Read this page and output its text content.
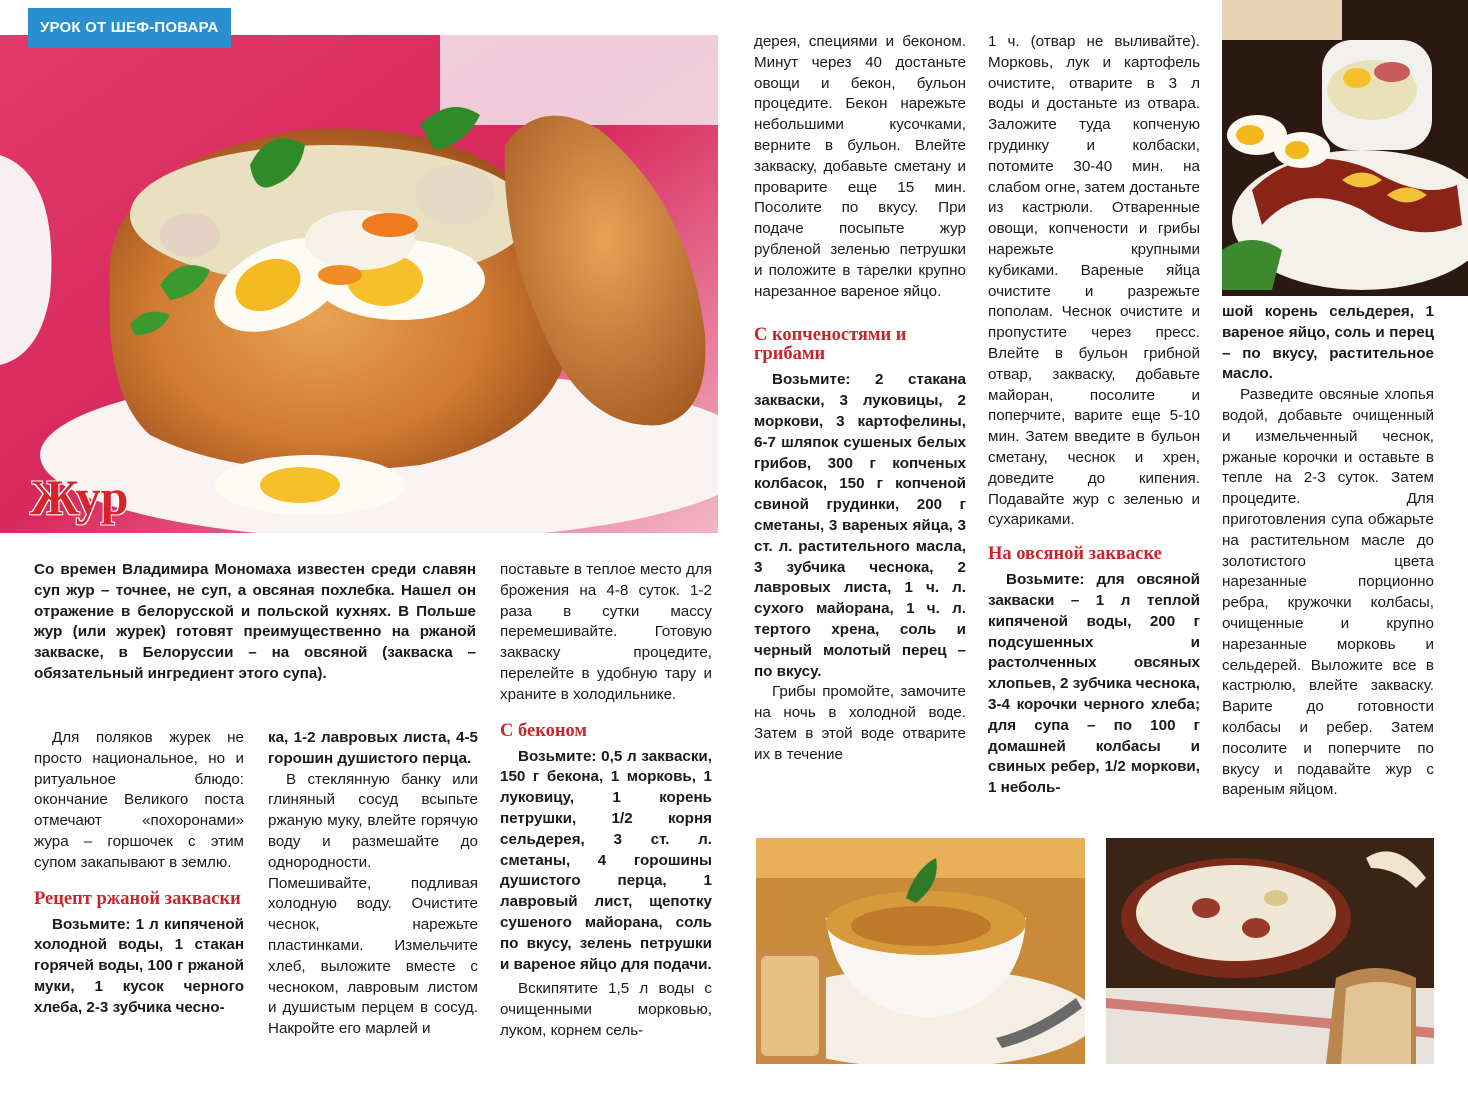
УРОК ОТ ШЕФ-ПОВАРА
Жур

Со времен Владимира Мономаха известен среди славян суп жур – точнее, не суп, а овсяная похлебка. Нашел он отражение в белорусской и польской кухнях. В Польше жур (или журек) готовят преимущественно на ржаной закваске, в Белоруссии – на овсяной (закваска – обязательный ингредиент этого супа).

Для поляков журек не просто национальное, но и ритуальное блюдо: окончание Великого поста отмечают «похоронами» жура – горшочек с этим супом закапывают в землю.

Рецепт ржаной закваски

Возьмите: 1 л кипяченой холодной воды, 1 стакан горячей воды, 100 г ржаной муки, 1 кусок черного хлеба, 2-3 зубчика чесно-

ка, 1-2 лавровых листа, 4-5 горошин душистого перца.

В стеклянную банку или глиняный сосуд всыпьте ржаную муку, влейте горячую воду и размешайте до однородности. Помешивайте, подливая холодную воду. Очистите чеснок, нарежьте пластинками. Измельчите хлеб, выложите вместе с чесноком, лавровым листом и душистым перцем в сосуд. Накройте его марлей и

поставьте в теплое место для брожения на 4-8 суток. 1-2 раза в сутки массу перемешивайте. Готовую закваску процедите, перелейте в удобную тару и храните в холодильнике.

С беконом

Возьмите: 0,5 л закваски, 150 г бекона, 1 морковь, 1 луковицу, 1 корень петрушки, 1/2 корня сельдерея, 3 ст. л. сметаны, 4 горошины душистого перца, 1 лавровый лист, щепотку сушеного майорана, соль по вкусу, зелень петрушки и вареное яйцо для подачи.

Вскипятите 1,5 л воды с очищенными морковью, луком, корнем сель-

дерея, специями и беконом. Минут через 40 достаньте овощи и бекон, бульон процедите. Бекон нарежьте небольшими кусочками, верните в бульон. Влейте закваску, добавьте сметану и проварите еще 15 мин. Посолите по вкусу. При подаче посыпьте жур рубленой зеленью петрушки и положите в тарелки крупно нарезанное вареное яйцо.

С копченостями и грибами

Возьмите: 2 стакана закваски, 3 луковицы, 2 моркови, 3 картофелины, 6-7 шляпок сушеных белых грибов, 300 г копченых колбасок, 150 г копченой свиной грудинки, 200 г сметаны, 3 вареных яйца, 3 ст. л. растительного масла, 3 зубчика чеснока, 2 лавровых листа, 1 ч. л. сухого майорана, 1 ч. л. тертого хрена, соль и черный молотый перец – по вкусу.

Грибы промойте, замочите на ночь в холодной воде. Затем в этой воде отварите их в течение

1 ч. (отвар не выливайте). Морковь, лук и картофель очистите, отварите в 3 л воды и достаньте из отвара. Заложите туда копченую грудинку и колбаски, потомите 30-40 мин. на слабом огне, затем достаньте из кастрюли. Отваренные овощи, копчености и грибы нарежьте крупными кубиками. Вареные яйца очистите и разрежьте пополам. Чеснок очистите и пропустите через пресс. Влейте в бульон грибной отвар, закваску, добавьте майоран, посолите и поперчите, варите еще 5-10 мин. Затем введите в бульон сметану, чеснок и хрен, доведите до кипения. Подавайте жур с зеленью и сухариками.

На овсяной закваске

Возьмите: для овсяной закваски – 1 л теплой кипяченой воды, 200 г подсушенных и растолченных овсяных хлопьев, 2 зубчика чеснока, 3-4 корочки черного хлеба; для супа – по 100 г домашней колбасы и свиных ребер, 1/2 моркови, 1 неболь-

шой корень сельдерея, 1 вареное яйцо, соль и перец – по вкусу, растительное масло.

Разведите овсяные хлопья водой, добавьте очищенный и измельченный чеснок, ржаные корочки и оставьте в тепле на 2-3 суток. Затем процедите. Для приготовления супа обжарьте на растительном масле до золотистого цвета нарезанные порционно ребра, кружочки колбасы, очищенные и крупно нарезанные морковь и сельдерей. Выложите все в кастрюлю, влейте закваску. Варите до готовности колбасы и ребер. Затем посолите и поперчите по вкусу и подавайте жур с вареным яйцом.
